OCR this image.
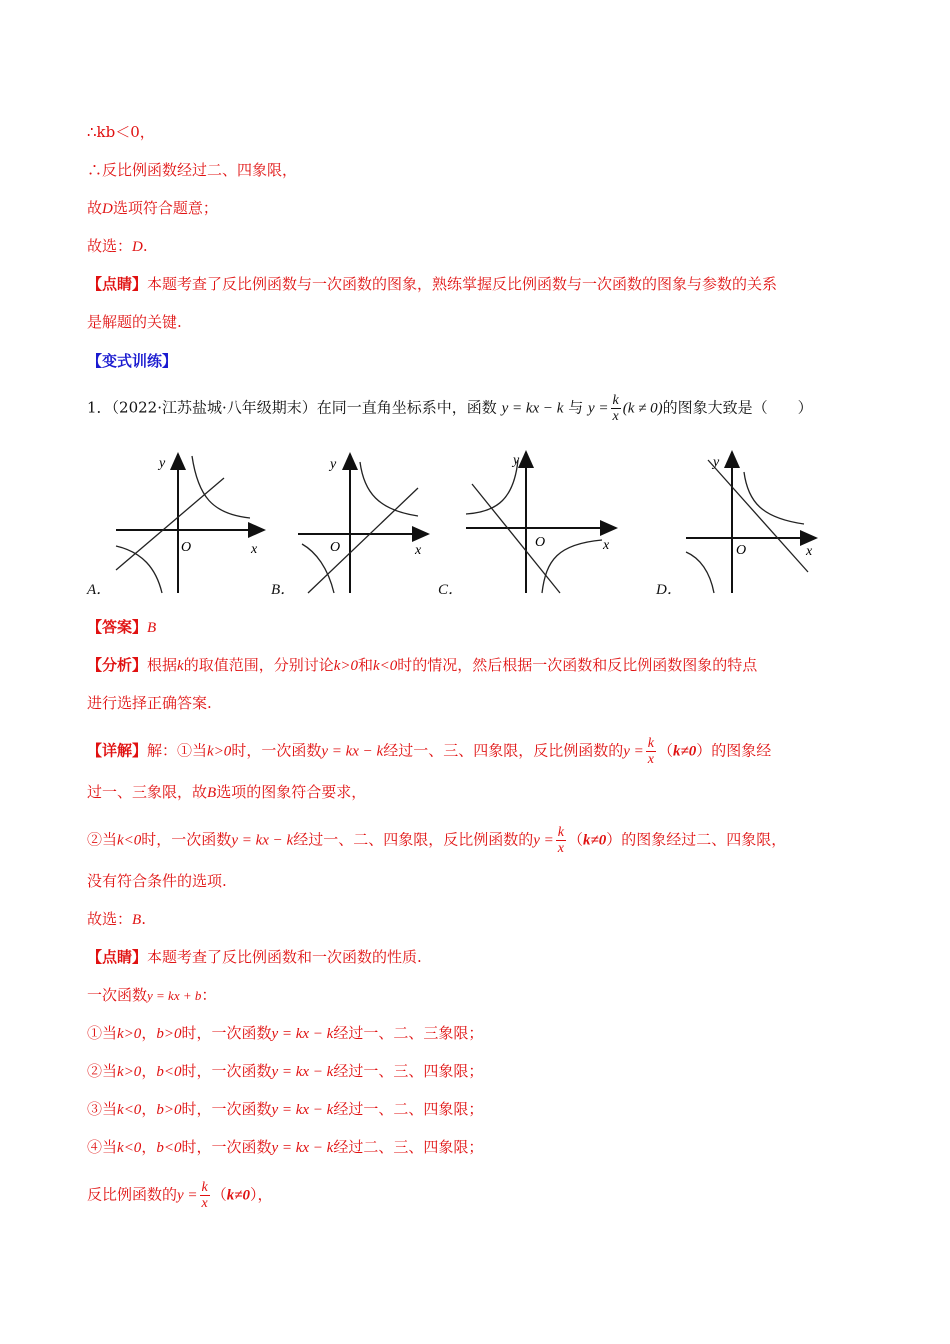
∴kb＜0，
∴反比例函数经过二、四象限，
故D选项符合题意；
故选：D.
【点睛】本题考查了反比例函数与一次函数的图象，熟练掌握反比例函数与一次函数的图象与参数的关系
是解题的关键.
【变式训练】
1．（2022·江苏盐城·八年级期末）在同一直角坐标系中，函数 y = kx − k 与 $y = \frac{k}{x} (k \ne 0)$的图象大致是（　　）
y
x
O
y
x
O
y
x
O
y
x
O
A．	B．	C．	D．
【答案】B
【分析】根据k的取值范围，分别讨论k>0和k<0时的情况，然后根据一次函数和反比例函数图象的特点
进行选择正确答案.
【详解】解：①当k>0时，一次函数y = kx − k经过一、三、四象限，反比例函数的$y = \frac{k}{x} (k\ne 0)$的图象经
过一、三象限，故B选项的图象符合要求，
②当k<0时，一次函数y = kx − k经过一、二、四象限，反比例函数的$y = \frac{k}{x} (k\ne 0)$的图象经过二、四象限，
没有符合条件的选项.
故选：B.
【点睛】本题考查了反比例函数和一次函数的性质.
一次函数y = kx + b：
①当k>0，b>0时，一次函数y = kx − k经过一、二、三象限；
②当k>0，b<0时，一次函数y = kx − k经过一、三、四象限；
③当k<0，b>0时，一次函数y = kx − k经过一、二、四象限；
④当k<0，b<0时，一次函数y = kx − k经过二、三、四象限；
反比例函数的$y = \frac{k}{x} (k\ne 0)$，
